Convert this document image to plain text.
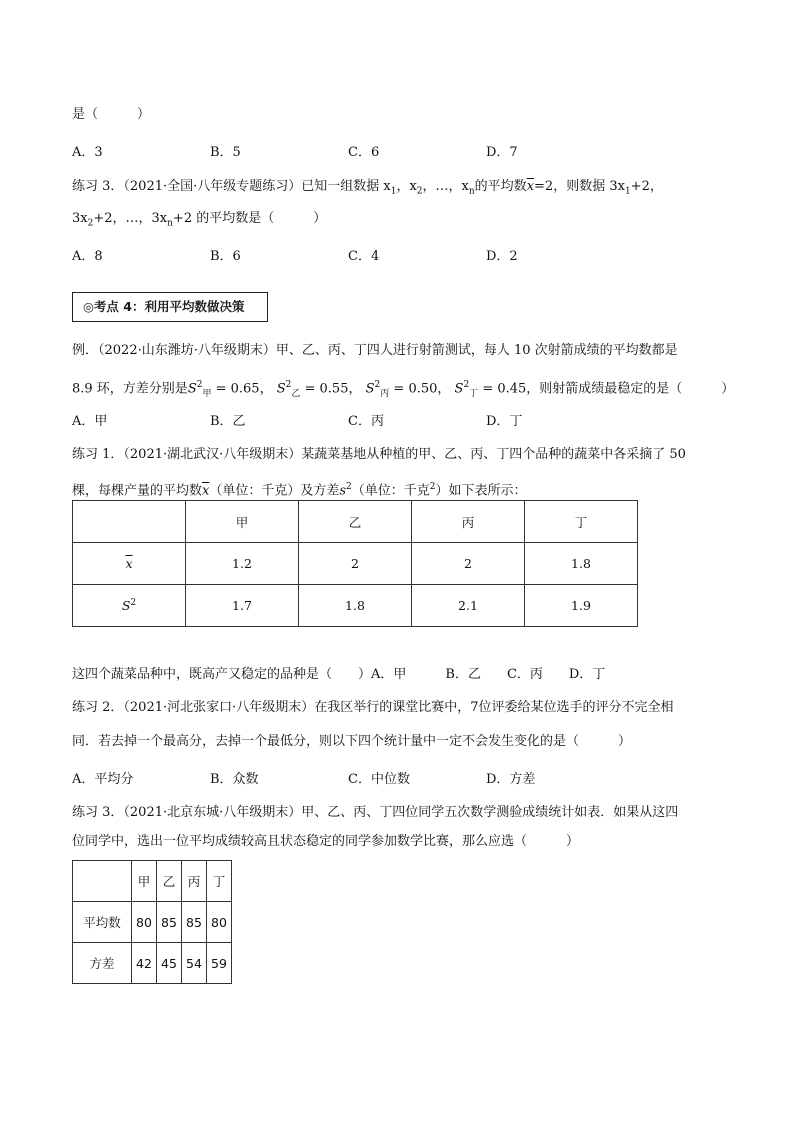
是（　　　）
A．3	B．5	C．6	D．7
练习 3．（2021·全国·八年级专题练习）已知一组数据 $x_1$，$x_2$，…，$x_n$的平均数$\overline{x}=2$，则数据 $3x_1+2$，
$3x_2+2$，…，$3x_n+2$ 的平均数是（　　　）
A．8	B．6	C．4	D．2
◎考点 4：利用平均数做决策
例．（2022·山东潍坊·八年级期末）甲、乙、丙、丁四人进行射箭测试，每人 10 次射箭成绩的平均数都是
8.9 环，方差分别是$S^2_甲 = 0.65$， $S^2_乙 = 0.55$， $S^2_丙 = 0.50$， $S^2_丁 = 0.45$，则射箭成绩最稳定的是（　　　）
A．甲	B．乙	C．丙	D．丁
练习 1．（2021·湖北武汉·八年级期末）某蔬菜基地从种植的甲、乙、丙、丁四个品种的蔬菜中各采摘了 50
棵，每棵产量的平均数$\overline{x}$（单位：千克）及方差$s^2$（单位：千克$^2$）如下表所示：
	甲	乙	丙	丁
$\overline{x}$	1.2	2	2	1.8
$S^2$	1.7	1.8	2.1	1.9
这四个蔬菜品种中，既高产又稳定的品种是（　　）A．甲　　　B．乙　　C．丙　　D．丁
练习 2．（2021·河北张家口·八年级期末）在我区举行的课堂比赛中，7位评委给某位选手的评分不完全相
同．若去掉一个最高分，去掉一个最低分，则以下四个统计量中一定不会发生变化的是（　　　）
A．平均分	B．众数	C．中位数	D．方差
练习 3．（2021·北京东城·八年级期末）甲、乙、丙、丁四位同学五次数学测验成绩统计如表．如果从这四
位同学中，选出一位平均成绩较高且状态稳定的同学参加数学比赛，那么应选（　　　）
	甲	乙	丙	丁
平均数	80	85	85	80
方差	42	45	54	59
